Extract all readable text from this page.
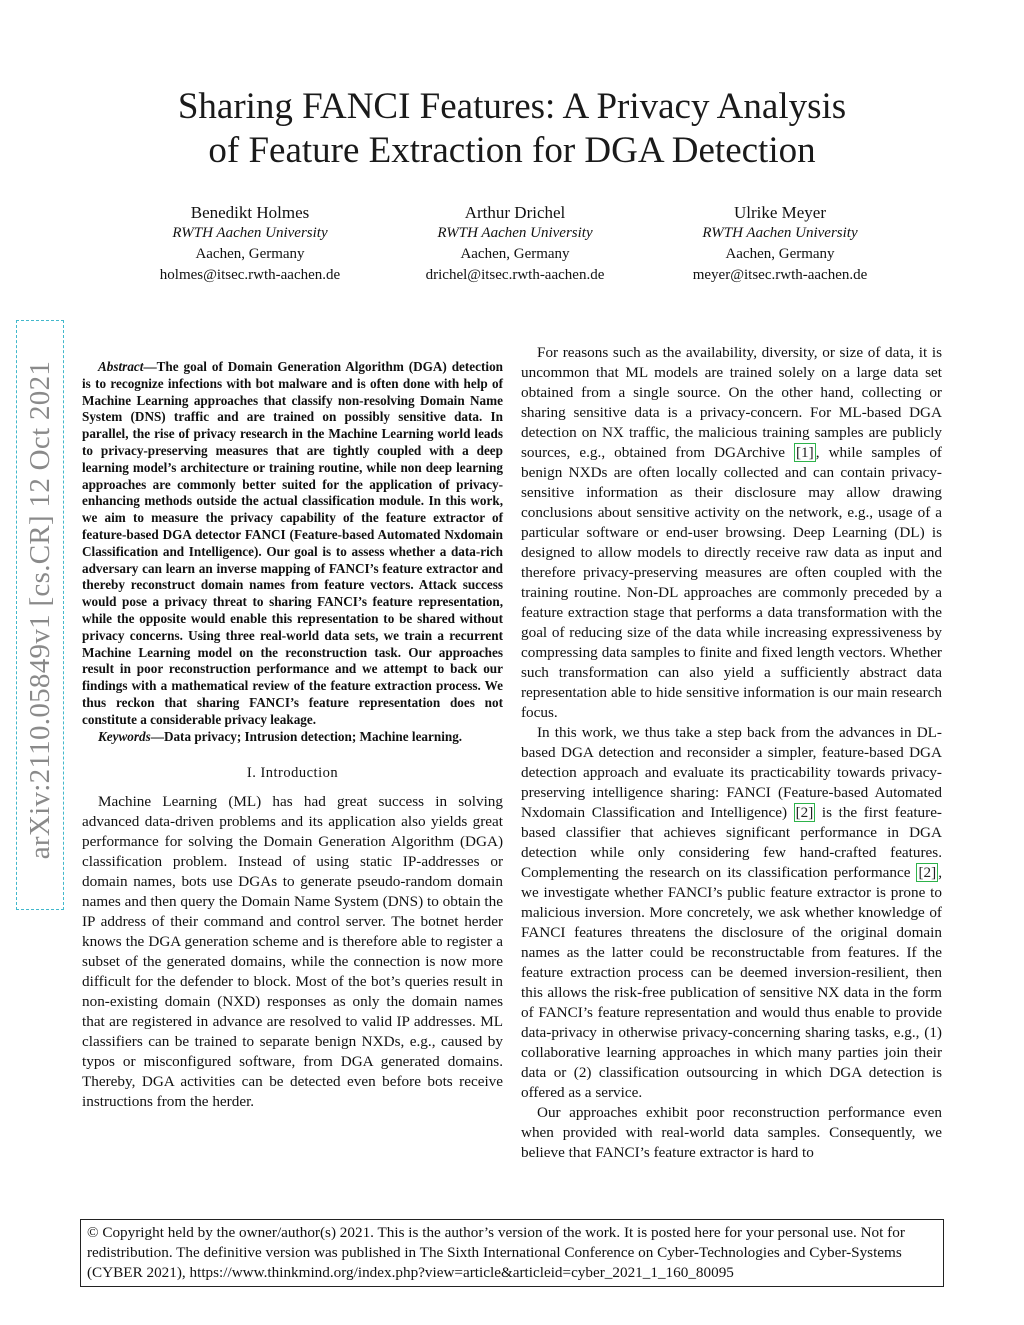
arXiv:2110.05849v1 [cs.CR] 12 Oct 2021
Sharing FANCI Features: A Privacy Analysis
of Feature Extraction for DGA Detection
Benedikt Holmes
RWTH Aachen University
Aachen, Germany
holmes@itsec.rwth-aachen.de
Arthur Drichel
RWTH Aachen University
Aachen, Germany
drichel@itsec.rwth-aachen.de
Ulrike Meyer
RWTH Aachen University
Aachen, Germany
meyer@itsec.rwth-aachen.de

Abstract—The goal of Domain Generation Algorithm (DGA) detection is to recognize infections with bot malware and is often done with help of Machine Learning approaches that classify non-resolving Domain Name System (DNS) traffic and are trained on possibly sensitive data. In parallel, the rise of privacy research in the Machine Learning world leads to privacy-preserving measures that are tightly coupled with a deep learning model’s architecture or training routine, while non deep learning approaches are commonly better suited for the application of privacy-enhancing methods outside the actual classification module. In this work, we aim to measure the privacy capability of the feature extractor of feature-based DGA detector FANCI (Feature-based Automated Nxdomain Classification and Intelligence). Our goal is to assess whether a data-rich adversary can learn an inverse mapping of FANCI’s feature extractor and thereby reconstruct domain names from feature vectors. Attack success would pose a privacy threat to sharing FANCI’s feature representation, while the opposite would enable this representation to be shared without privacy concerns. Using three real-world data sets, we train a recurrent Machine Learning model on the reconstruction task. Our approaches result in poor reconstruction performance and we attempt to back our findings with a mathematical review of the feature extraction process. We thus reckon that sharing FANCI’s feature representation does not constitute a considerable privacy leakage.

Keywords—Data privacy; Intrusion detection; Machine learning.

I. Introduction

Machine Learning (ML) has had great success in solving advanced data-driven problems and its application also yields great performance for solving the Domain Generation Algorithm (DGA) classification problem. Instead of using static IP-addresses or domain names, bots use DGAs to generate pseudo-random domain names and then query the Domain Name System (DNS) to obtain the IP address of their command and control server. The botnet herder knows the DGA generation scheme and is therefore able to register a subset of the generated domains, while the connection is now more difficult for the defender to block. Most of the bot’s queries result in non-existing domain (NXD) responses as only the domain names that are registered in advance are resolved to valid IP addresses. ML classifiers can be trained to separate benign NXDs, e.g., caused by typos or misconfigured software, from DGA generated domains. Thereby, DGA activities can be detected even before bots receive instructions from the herder.

For reasons such as the availability, diversity, or size of data, it is uncommon that ML models are trained solely on a large data set obtained from a single source. On the other hand, collecting or sharing sensitive data is a privacy-concern. For ML-based DGA detection on NX traffic, the malicious training samples are publicly sources, e.g., obtained from DGArchive [1] , while samples of benign NXDs are often locally collected and can contain privacy-sensitive information as their disclosure may allow drawing conclusions about sensitive activity on the network, e.g., usage of a particular software or end-user browsing. Deep Learning (DL) is designed to allow models to directly receive raw data as input and therefore privacy-preserving measures are often coupled with the training routine. Non-DL approaches are commonly preceded by a feature extraction stage that performs a data transformation with the goal of reducing size of the data while increasing expressiveness by compressing data samples to finite and fixed length vectors. Whether such transformation can also yield a sufficiently abstract data representation able to hide sensitive information is our main research focus.

In this work, we thus take a step back from the advances in DL-based DGA detection and reconsider a simpler, feature-based DGA detection approach and evaluate its practicability towards privacy-preserving intelligence sharing: FANCI (Feature-based Automated Nxdomain Classification and Intelligence) [2] is the first feature-based classifier that achieves significant performance in DGA detection while only considering few hand-crafted features. Complementing the research on its classification performance [2] , we investigate whether FANCI’s public feature extractor is prone to malicious inversion. More concretely, we ask whether knowledge of FANCI features threatens the disclosure of the original domain names as the latter could be reconstructable from features. If the feature extraction process can be deemed inversion-resilient, then this allows the risk-free publication of sensitive NX data in the form of FANCI’s feature representation and would thus enable to provide data-privacy in otherwise privacy-concerning sharing tasks, e.g., (1) collaborative learning approaches in which many parties join their data or (2) classification outsourcing in which DGA detection is offered as a service.

Our approaches exhibit poor reconstruction performance even when provided with real-world data samples. Consequently, we believe that FANCI’s feature extractor is hard to

© Copyright held by the owner/author(s) 2021. This is the author’s version of the work. It is posted here for your personal use. Not for redistribution. The definitive version was published in The Sixth International Conference on Cyber-Technologies and Cyber-Systems (CYBER 2021), https://www.thinkmind.org/index.php?view=article&articleid=cyber_2021_1_160_80095
